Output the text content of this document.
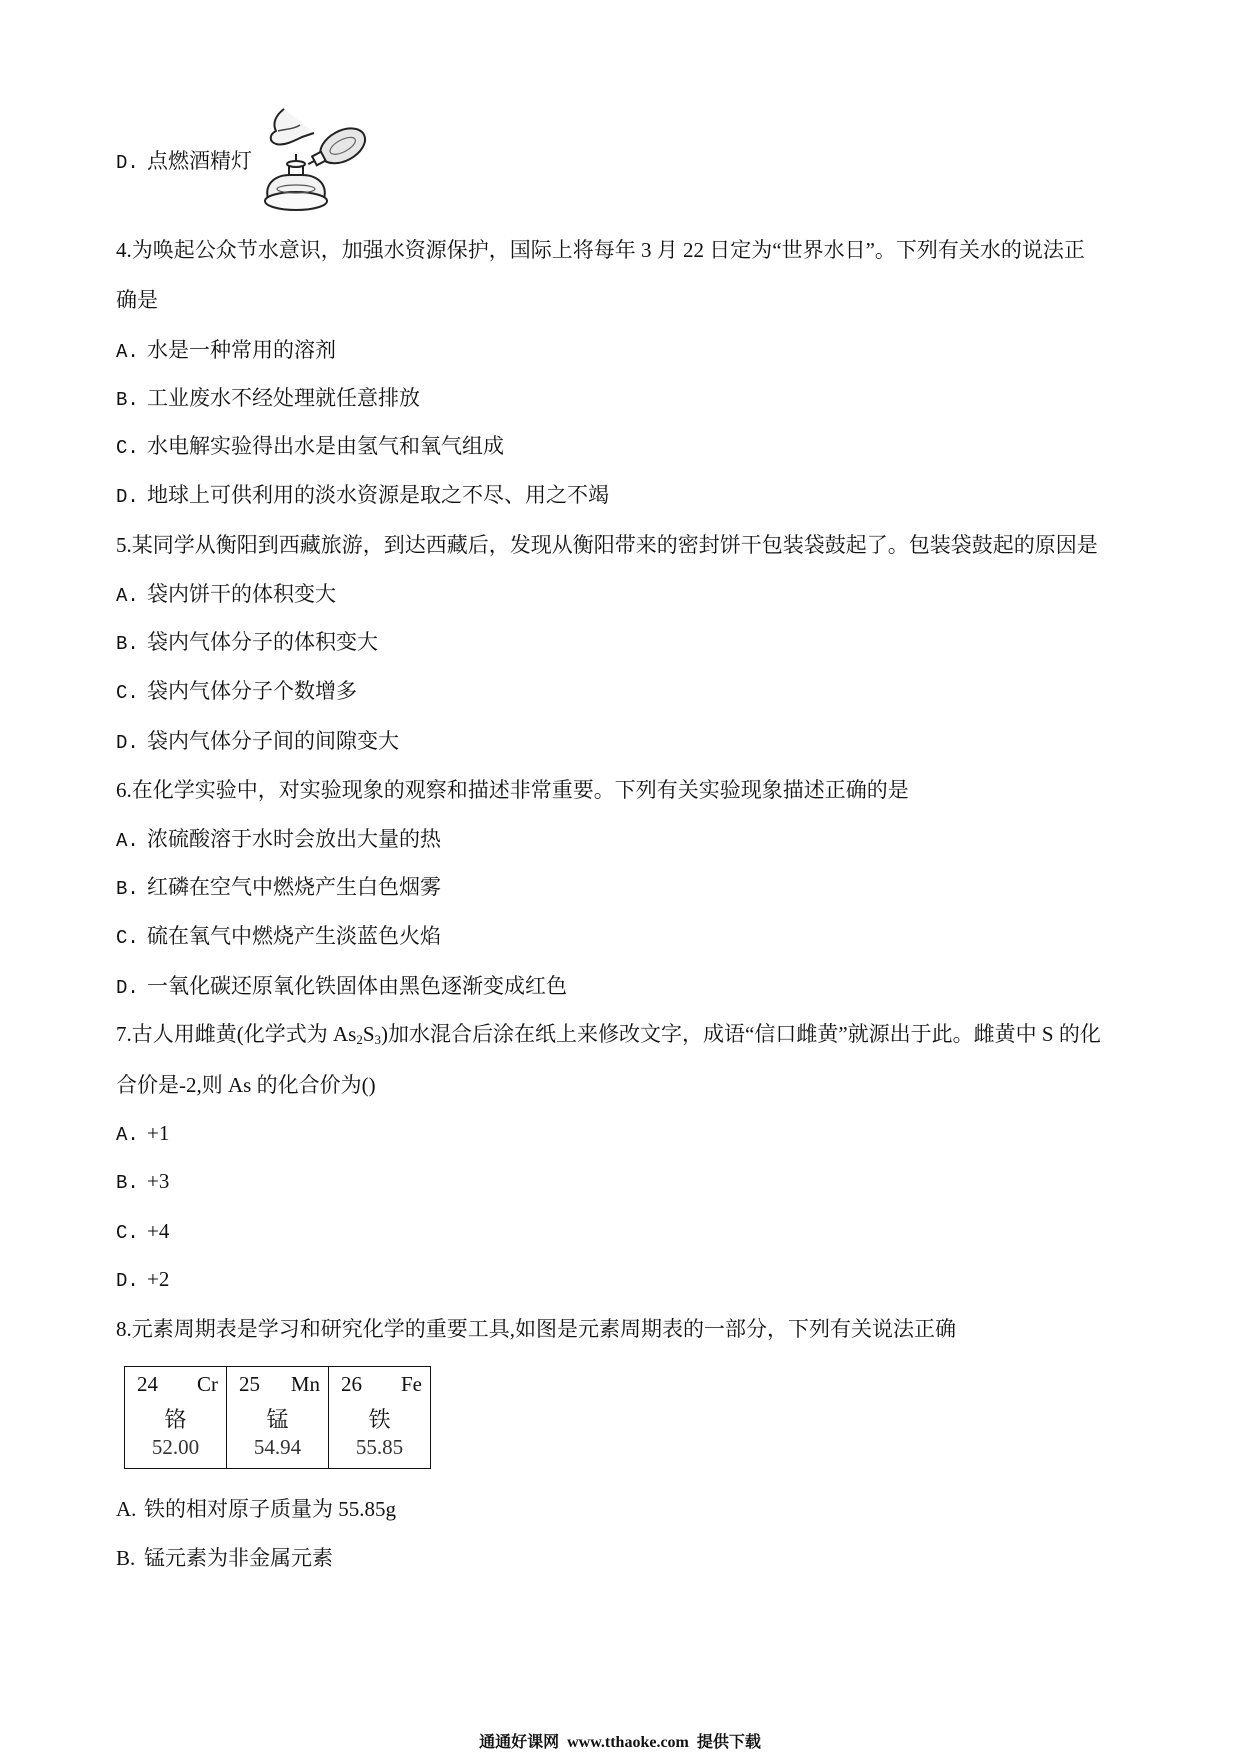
D. 点燃酒精灯
4.为唤起公众节水意识，加强水资源保护，国际上将每年 3 月 22 日定为“世界水日”。下列有关水的说法正
确是
A. 水是一种常用的溶剂
B. 工业废水不经处理就任意排放
C. 水电解实验得出水是由氢气和氧气组成
D. 地球上可供利用的淡水资源是取之不尽、用之不竭
5.某同学从衡阳到西藏旅游，到达西藏后，发现从衡阳带来的密封饼干包装袋鼓起了。包装袋鼓起的原因是
A. 袋内饼干的体积变大
B. 袋内气体分子的体积变大
C. 袋内气体分子个数增多
D. 袋内气体分子间的间隙变大
6.在化学实验中，对实验现象的观察和描述非常重要。下列有关实验现象描述正确的是
A. 浓硫酸溶于水时会放出大量的热
B. 红磷在空气中燃烧产生白色烟雾
C. 硫在氧气中燃烧产生淡蓝色火焰
D. 一氧化碳还原氧化铁固体由黑色逐渐变成红色
7.古人用雌黄(化学式为 $As_2S_3$)加水混合后涂在纸上来修改文字，成语“信口雌黄”就源出于此。雌黄中 S 的化
合价是-2,则 As 的化合价为()
A. +1
B. +3
C. +4
D. +2
8.元素周期表是学习和研究化学的重要工具,如图是元素周期表的一部分，下列有关说法正确
24 Cr
铬
52.00
25 Mn
锰
54.94
26 Fe
铁
55.85
A. 铁的相对原子质量为 55.85g
B. 锰元素为非金属元素
通通好课网  www.tthaoke.com  提供下载
